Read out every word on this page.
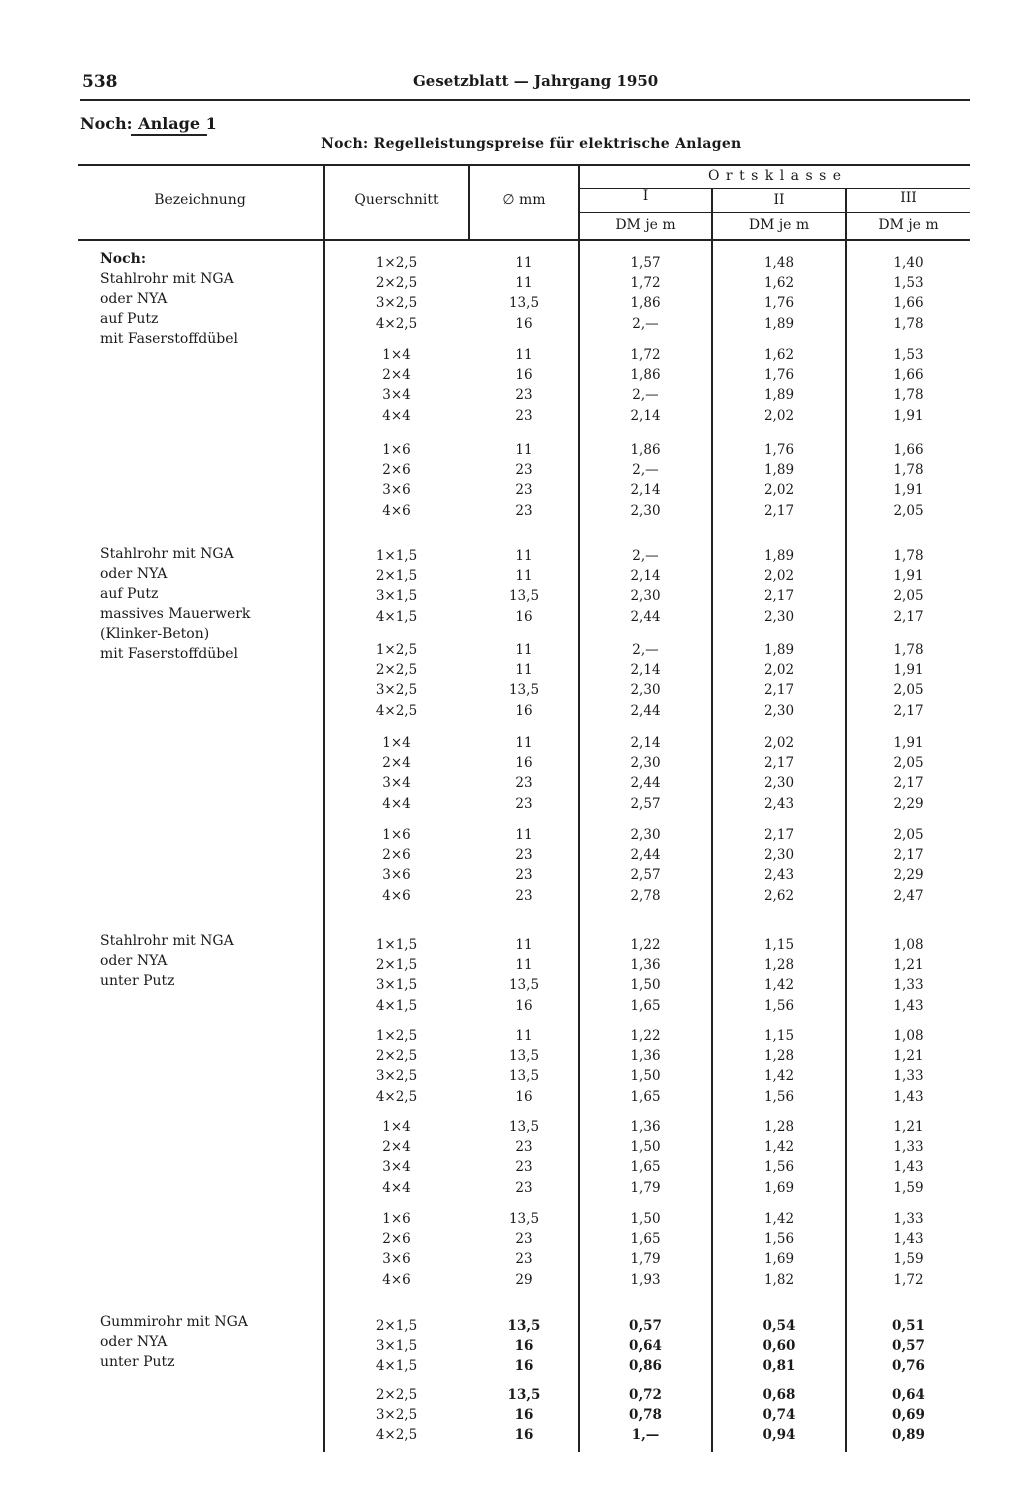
538	Gesetzblatt — Jahrgang 1950
Noch: Anlage 1
Noch: Regelleistungspreise für elektrische Anlagen
Bezeichnung	Querschnitt	∅ mm
O r t s k l a s s e
I	II	III
DM je m	DM je m	DM je m
Noch:
Stahlrohr mit NGA
oder NYA
auf Putz
mit Faserstoffdübel
1×2,5	11	1,57	1,48	1,40
2×2,5	11	1,72	1,62	1,53
3×2,5	13,5	1,86	1,76	1,66
4×2,5	16	2,—	1,89	1,78
1×4	11	1,72	1,62	1,53
2×4	16	1,86	1,76	1,66
3×4	23	2,—	1,89	1,78
4×4	23	2,14	2,02	1,91
1×6	11	1,86	1,76	1,66
2×6	23	2,—	1,89	1,78
3×6	23	2,14	2,02	1,91
4×6	23	2,30	2,17	2,05
Stahlrohr mit NGA
oder NYA
auf Putz
massives Mauerwerk
(Klinker-Beton)
mit Faserstoffdübel
1×1,5	11	2,—	1,89	1,78
2×1,5	11	2,14	2,02	1,91
3×1,5	13,5	2,30	2,17	2,05
4×1,5	16	2,44	2,30	2,17
1×2,5	11	2,—	1,89	1,78
2×2,5	11	2,14	2,02	1,91
3×2,5	13,5	2,30	2,17	2,05
4×2,5	16	2,44	2,30	2,17
1×4	11	2,14	2,02	1,91
2×4	16	2,30	2,17	2,05
3×4	23	2,44	2,30	2,17
4×4	23	2,57	2,43	2,29
1×6	11	2,30	2,17	2,05
2×6	23	2,44	2,30	2,17
3×6	23	2,57	2,43	2,29
4×6	23	2,78	2,62	2,47
Stahlrohr mit NGA
oder NYA
unter Putz
1×1,5	11	1,22	1,15	1,08
2×1,5	11	1,36	1,28	1,21
3×1,5	13,5	1,50	1,42	1,33
4×1,5	16	1,65	1,56	1,43
1×2,5	11	1,22	1,15	1,08
2×2,5	13,5	1,36	1,28	1,21
3×2,5	13,5	1,50	1,42	1,33
4×2,5	16	1,65	1,56	1,43
1×4	13,5	1,36	1,28	1,21
2×4	23	1,50	1,42	1,33
3×4	23	1,65	1,56	1,43
4×4	23	1,79	1,69	1,59
1×6	13,5	1,50	1,42	1,33
2×6	23	1,65	1,56	1,43
3×6	23	1,79	1,69	1,59
4×6	29	1,93	1,82	1,72
Gummirohr mit NGA
oder NYA
unter Putz
2×1,5	13,5	0,57	0,54	0,51
3×1,5	16	0,64	0,60	0,57
4×1,5	16	0,86	0,81	0,76
2×2,5	13,5	0,72	0,68	0,64
3×2,5	16	0,78	0,74	0,69
4×2,5	16	1,—	0,94	0,89
